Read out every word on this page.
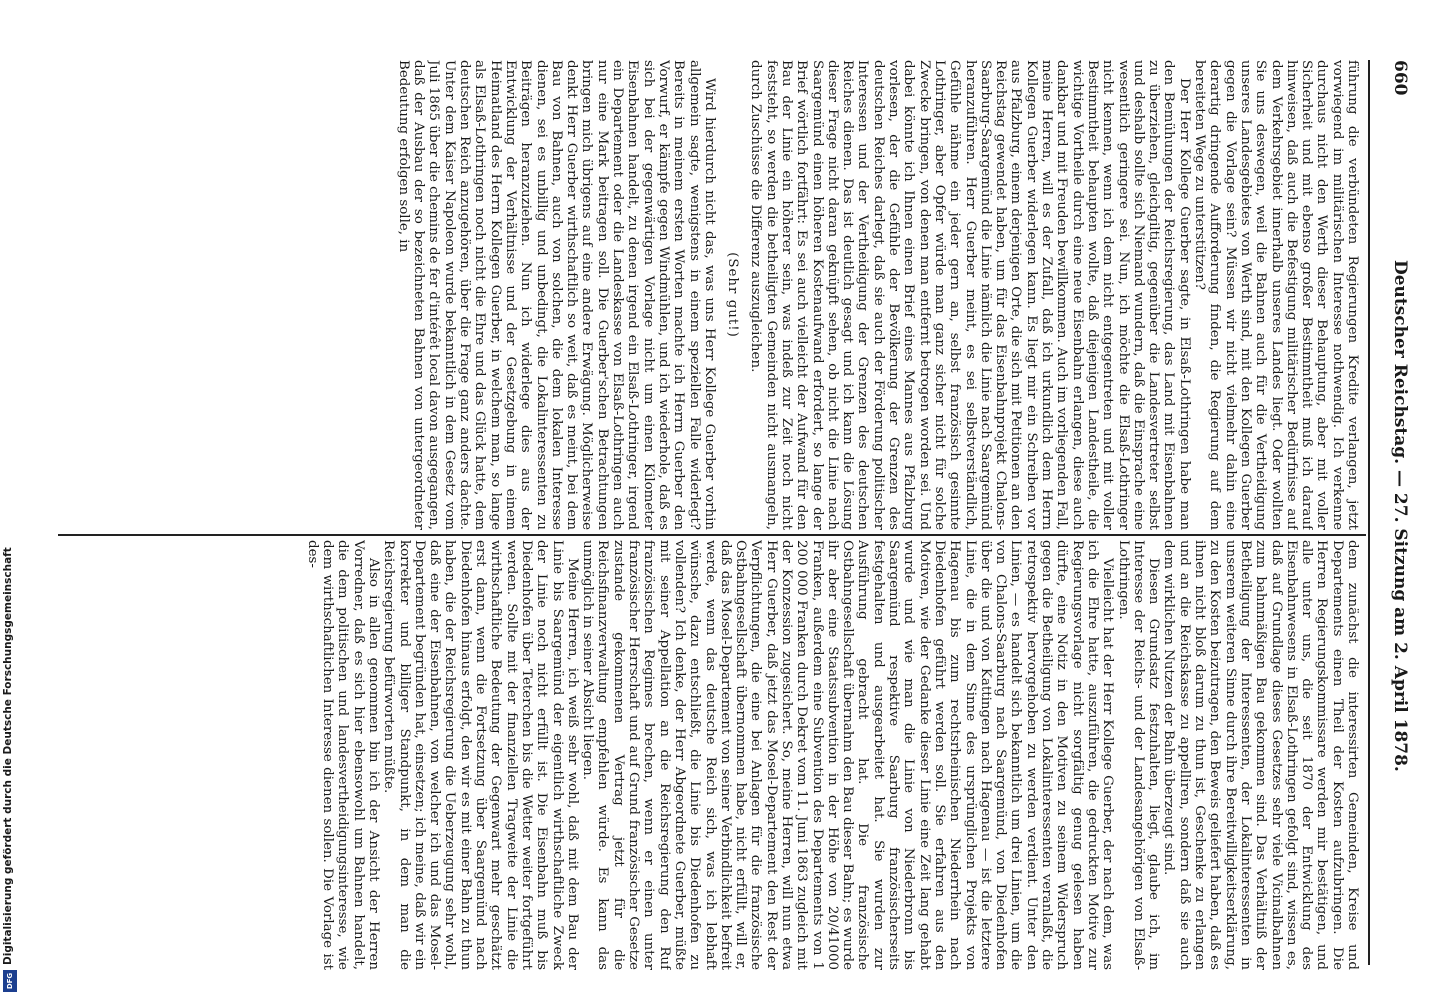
660 Deutscher Reichstag. — 27. Sitzung am 2. April 1878.

führung die verbündeten Regierungen Kredite verlangen, jetzt vorwiegend im militärischen Interesse nothwendig. Ich verkenne durchaus nicht den Werth dieser Behauptung, aber mit voller Sicherheit und mit ebenso großer Bestimmtheit muß ich darauf hinweisen, daß auch die Befestigung militärischer Bedürfnisse auf dem Verkehrsgebiet innerhalb unseres Landes liegt. Oder wollten Sie uns deswegen, weil die Bahnen auch für die Vertheidigung unseres Landesgebietes von Werth sind, mit den Kollegen Guerber gegen die Vorlage sein? Müssen wir nicht vielmehr dahin eine derartig dringende Aufforderung finden, die Regierung auf dem bereiteten Wege zu unterstützen?

Der Herr Kollege Guerber sagte, in Elsaß-Lothringen habe man den Bemühungen der Reichsregierung, das Land mit Eisenbahnen zu überziehen, gleichgiltig, gegenüber die Landesvertreter selbst und deshalb sollte sich Niemand wundern, daß die Einsprache eine wesentlich geringere sei. Nun, ich möchte die Elsaß-Lothringer nicht kennen, wenn ich dem nicht entgegentreten und mit voller Bestimmtheit behaupten wollte, daß diejenigen Landestheile, die wichtige Vortheile durch eine neue Eisenbahn erlangen, diese auch dankbar und mit Freuden bewillkommen. Auch im vorliegenden Fall, meine Herren, will es der Zufall, daß ich urkundlich dem Herrn Kollegen Guerber widerlegen kann. Es liegt mir ein Schreiben vor aus Pfalzburg, einem derjenigen Orte, die sich mit Petitionen an den Reichstag gewendet haben, um für das Eisenbahnprojekt Chalons-Saarburg-Saargemünd die Linie nämlich die Linie nach Saargemünd heranzuführen. Herr Guerber meint, es sei selbstverständlich, Gefühle nähme ein jeder gern an, selbst französisch gesinnte Lothringer, aber Opfer würde man ganz sicher nicht für solche Zwecke bringen, von denen man entfernt betrogen worden sei. Und dabei könnte ich Ihnen einen Brief eines Mannes aus Pfalzburg vorlesen, der die Gefühle der Bevölkerung der Grenzen des deutschen Reiches darlegt, daß sie auch der Förderung politischer Interessen und der Vertheidigung der Grenzen des deutschen Reiches dienen. Das ist deutlich gesagt und ich kann die Lösung dieser Frage nicht daran geknüpft sehen, ob nicht die Linie nach Saargemünd einen höheren Kostenaufwand erfordert, so lange der Brief wörtlich fortfährt: Es sei auch vielleicht der Aufwand für den Bau der Linie ein höherer sein, was indeß zur Zeit noch nicht feststeht, so werden die betheiligten Gemeinden nicht ausmangeln, durch Zuschüsse die Differenz auszugleichen.

(Sehr gut!)

Wird hierdurch nicht das, was uns Herr Kollege Guerber vorhin allgemein sagte, wenigstens in einem speziellen Falle widerlegt? Bereits in meinem ersten Worten machte ich Herrn Guerber den Vorwurf, er kämpfe gegen Windmühlen, und ich wiederhole, daß es sich bei der gegenwärtigen Vorlage nicht um einen Kilometer Eisenbahnen handelt, zu denen irgend ein Elsaß-Lothringer, irgend ein Departement oder die Landeskasse von Elsaß-Lothringen auch nur eine Mark beitragen soll. Die Guerber'schen Betrachtungen bringen mich übrigens auf eine andere Erwägung. Möglicherweise denkt Herr Guerber wirthschaftlich so weit, daß es meint, bei dem Bau von Bahnen, auch von solchen, die dem lokalen Interesse dienen, sei es unbillig und unbedingt, die Lokalinteressenten zu Beiträgen heranzuziehen. Nun ich widerlege dies aus der Entwicklung der Verhältnisse und der Gesetzgebung in einem Heimatland des Herrn Kollegen Guerber, in welchem man, so lange als Elsaß-Lothringen noch nicht die Ehre und das Glück hatte, dem deutschen Reich anzugehören, über die Frage ganz anders dachte. Unter dem Kaiser Napoleon wurde bekanntlich in dem Gesetz vom Juli 1865 über die chemins de fer d'intérêt local davon ausgegangen, daß der Ausbau der so bezeichneten Bahnen von untergeordneter Bedeutung erfolgen solle, in

dem zunächst die interessirten Gemeinden, Kreise und Departements einen Theil der Kosten aufzubringen. Die Herren Regierungskommissare werden mir bestätigen, und alle unter uns, die seit 1870 der Entwicklung des Eisenbahnwesens in Elsaß-Lothringen gefolgt sind, wissen es, daß auf Grundlage dieses Gesetzes sehr viele Vicinalbahnen zum bahnmäßigen Bau gekommen sind. Das Verhältniß der Betheiligung der Interessenten, der Lokalinteressenten in unserem weiteren Sinne durch ihre Bereitwilligkeitserklärung, zu den Kosten beizutragen, den Beweis geliefert haben, daß es ihnen nicht bloß darum zu thun ist, Geschenke zu erlangen und an die Reichskasse zu appelliren, sondern daß sie auch dem wirklichen Nutzen der Bahn überzeugt sind.

Diesen Grundsatz festzuhalten, liegt, glaube ich, im Interesse der Reichs- und der Landesangehörigen von Elsaß-Lothringen.

Vielleicht hat der Herr Kollege Guerber, der nach dem, was ich die Ehre hatte, auszuführen, die gedruckten Motive zur Regierungsvorlage nicht sorgfältig genug gelesen haben dürfte, eine Notiz in den Motiven zu seinem Widerspruch gegen die Betheiligung von Lokalinteressenten veranlaßt, die retrospektiv hervorgehoben zu werden verdient. Unter den Linien, — es handelt sich bekanntlich um drei Linien, um die von Chalons-Saarburg nach Saargemünd, von Diedenhofen über die und von Kattingen nach Hagenau — ist die letztere Linie, die in dem Sinne des ursprünglichen Projekts von Hagenau bis zum rechtsrheinischen Niederrhein nach Diedenhofen geführt werden soll. Sie erfahren aus den Motiven, wie der Gedanke dieser Linie eine Zeit lang gehabt wurde und wie man die Linie von Niederbronn bis Saargemünd respektive Saarburg französischerseits festgehalten und ausgearbeitet hat. Sie wurden zur Ausführung gebracht hat. Die französische Ostbahngesellschaft übernahm den Bau dieser Bahn; es wurde ihr aber eine Staatssubvention in der Höhe von 20/41000 Franken, außerdem eine Subvention des Departements von 1 200 000 Franken durch Dekret vom 11. Juni 1863 zugleich mit der Konzession zugesichert. So, meine Herren, will nun etwa Herr Guerber, daß jetzt das Mosel-Departement den Rest der Verpflichtungen, die eine bei Anlagen für die französische Ostbahngesellschaft übernommen habe, nicht erfüllt, will er, daß das Mosel-Departement von seiner Verbindlichkeit befreit werde, wenn das deutsche Reich sich, was ich lebhaft wünsche, dazu entschließt, die Linie bis Diedenhofen zu vollenden? Ich denke, der Herr Abgeordnete Guerber, müßte mit seiner Appellation an die Reichsregierung den Ruf französischen Regimes brechen, wenn er einen unter französischer Herrschaft und auf Grund französischer Gesetze zustande gekommenen Vertrag jetzt für die Reichsfinanzverwaltung empfehlen würde. Es kann das unmöglich in seiner Absicht liegen.

Meine Herren, ich weiß sehr wohl, daß mit dem Bau der Linie bis Saargemünd der eigentlich wirthschaftliche Zweck der Linie noch nicht erfüllt ist. Die Eisenbahn muß bis Diedenhofen über Teterchen bis die Wetter weiter fortgeführt werden. Sollte mit der finanziellen Tragweite der Linie die wirthschaftliche Bedeutung der Gegenwart mehr geschätzt erst dann, wenn die Fortsetzung über Saargemünd nach Diedenhofen hinaus erfolgt, den wir es mit einer Bahn zu thun haben, die der Reichsregierung die Ueberzeugung sehr wohl, daß eine der Eisenbahnen, von welcher ich und das Mosel-Departement begründen hat, einsetzen; ich meine, daß wir ein korrekter und billiger Standpunkt, in dem man die Reichsregierung befürworten müßte.

Also in allen genommen bin ich der Ansicht der Herren Vorredner, daß es sich hier ebensowohl um Bahnen handelt, die dem politischen und landesvertheidigungsinteresse, wie dem wirthschaftlichen Interesse dienen sollen. Die Vorlage ist des-

Digitalisierung gefördert durch die Deutsche Forschungsgemeinschaft
DFG
